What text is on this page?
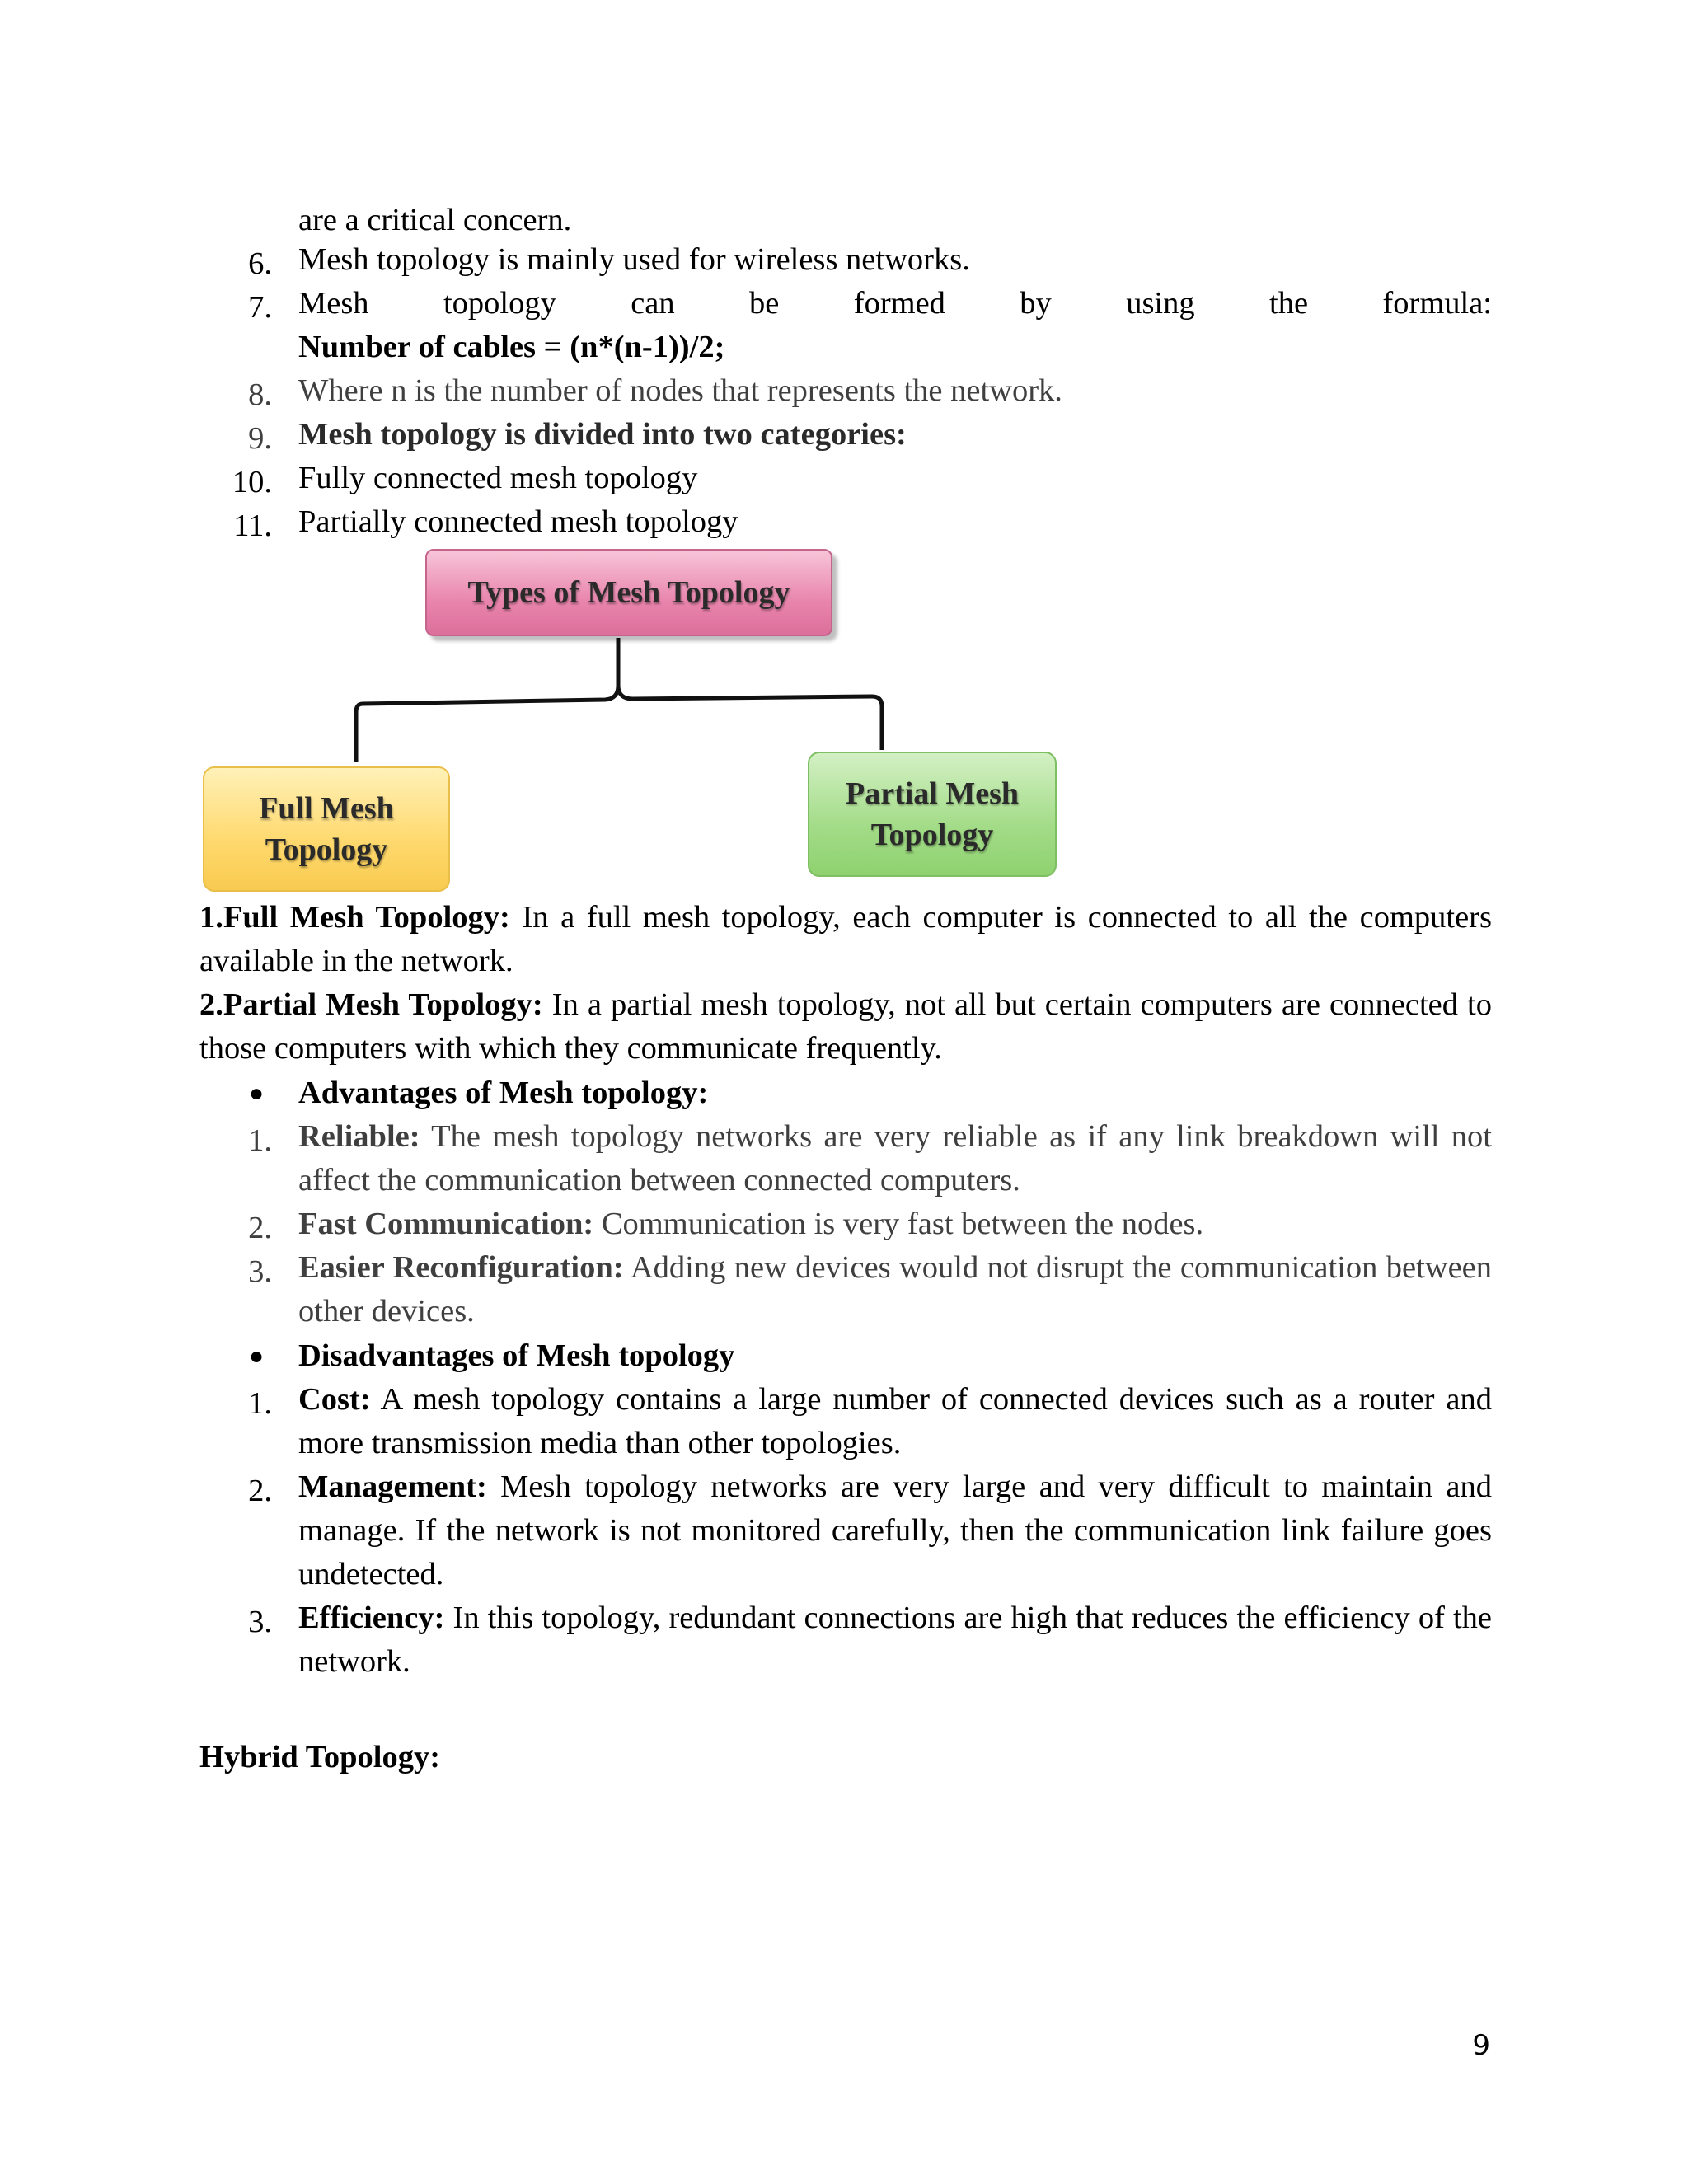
are a critical concern.
6. Mesh topology is mainly used for wireless networks.
7. Mesh topology can be formed by using the formula:
Number of cables = (n*(n-1))/2;
8. Where n is the number of nodes that represents the network.
9. Mesh topology is divided into two categories:
10. Fully connected mesh topology
11. Partially connected mesh topology
Types of Mesh Topology
Full Mesh
Topology
Partial Mesh
Topology
1.Full Mesh Topology: In a full mesh topology, each computer is connected to all the computers available in the network.
2.Partial Mesh Topology: In a partial mesh topology, not all but certain computers are connected to those computers with which they communicate frequently.
● Advantages of Mesh topology:
1. Reliable: The mesh topology networks are very reliable as if any link breakdown will not affect the communication between connected computers.
2. Fast Communication: Communication is very fast between the nodes.
3. Easier Reconfiguration: Adding new devices would not disrupt the communication between other devices.
● Disadvantages of Mesh topology
1. Cost: A mesh topology contains a large number of connected devices such as a router and more transmission media than other topologies.
2. Management: Mesh topology networks are very large and very difficult to maintain and manage. If the network is not monitored carefully, then the communication link failure goes undetected.
3. Efficiency: In this topology, redundant connections are high that reduces the efficiency of the network.
Hybrid Topology:
9
